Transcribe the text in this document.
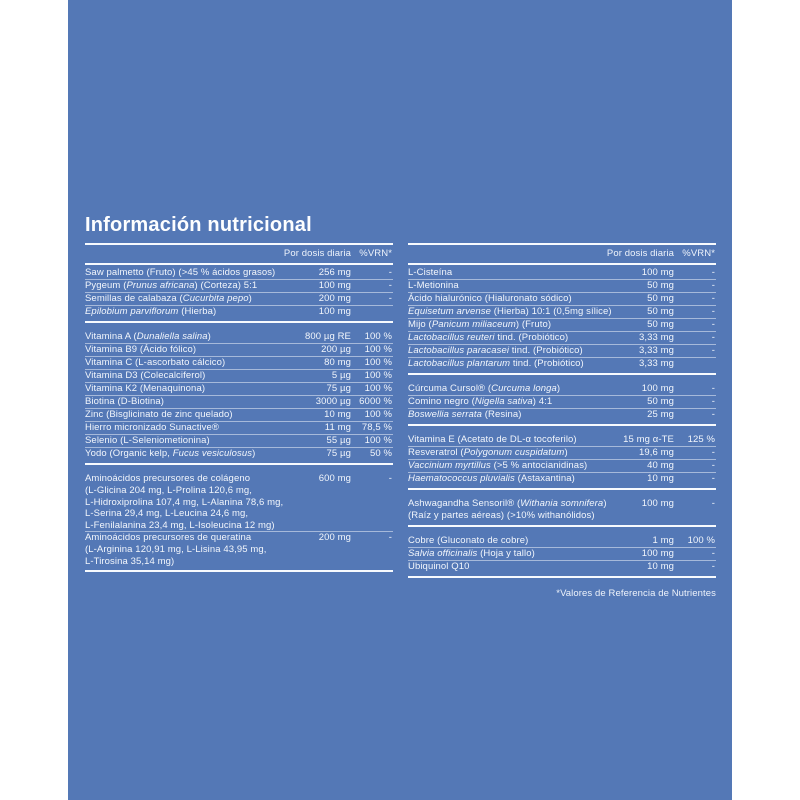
Información nutricional
Por dosis diaria %VRN*
Saw palmetto (Fruto) (>45 % ácidos grasos)	256 mg	-
Pygeum (Prunus africana) (Corteza) 5:1	100 mg	-
Semillas de calabaza (Cucurbita pepo)	200 mg	-
Epilobium parviflorum (Hierba)	100 mg
Vitamina A (Dunaliella salina)	800 µg RE	100 %
Vitamina B9 (Ácido fólico)	200 µg	100 %
Vitamina C (L-ascorbato cálcico)	80 mg	100 %
Vitamina D3 (Colecalciferol)	5 µg	100 %
Vitamina K2 (Menaquinona)	75 µg	100 %
Biotina (D-Biotina)	3000 µg 6000 %
Zinc (Bisglicinato de zinc quelado)	10 mg	100 %
Hierro micronizado Sunactive®	11 mg	78,5 %
Selenio (L-Seleniometionina)	55 µg	100 %
Yodo (Organic kelp, Fucus vesiculosus)	75 µg	50 %
Aminoácidos precursores de colágeno	600 mg	-
(L-Glicina 204 mg, L-Prolina 120,6 mg,
L-Hidroxiprolina 107,4 mg, L-Alanina 78,6 mg,
L-Serina 29,4 mg, L-Leucina 24,6 mg,
L-Fenilalanina 23,4 mg, L-Isoleucina 12 mg)
Aminoácidos precursores de queratina	200 mg	-
(L-Arginina 120,91 mg, L-Lisina 43,95 mg,
L-Tirosina 35,14 mg)
Por dosis diaria %VRN*
L-Cisteína	100 mg	-
L-Metionina	50 mg	-
Ácido hialurónico (Hialuronato sódico)	50 mg	-
Equisetum arvense (Hierba) 10:1 (0,5mg sílice)	50 mg	-
Mijo (Panicum miliaceum) (Fruto)	50 mg	-
Lactobacillus reuteri tind. (Probiótico)	3,33 mg	-
Lactobacillus paracasei tind. (Probiótico)	3,33 mg	-
Lactobacillus plantarum tind. (Probiótico)	3,33 mg
Cúrcuma Cursol® (Curcuma longa)	100 mg	-
Comino negro (Nigella sativa) 4:1	50 mg	-
Boswellia serrata (Resina)	25 mg	-
Vitamina E (Acetato de DL-α tocoferilo)	15 mg α-TE	125 %
Resveratrol (Polygonum cuspidatum)	19,6 mg	-
Vaccinium myrtillus (>5 % antocianidinas)	40 mg	-
Haematococcus pluvialis (Astaxantina)	10 mg	-
Ashwagandha Sensoril® (Withania somnifera)	100 mg	-
(Raíz y partes aéreas) (>10% withanólidos)
Cobre (Gluconato de cobre)	1 mg	100 %
Salvia officinalis (Hoja y tallo)	100 mg	-
Ubiquinol Q10	10 mg	-
*Valores de Referencia de Nutrientes
